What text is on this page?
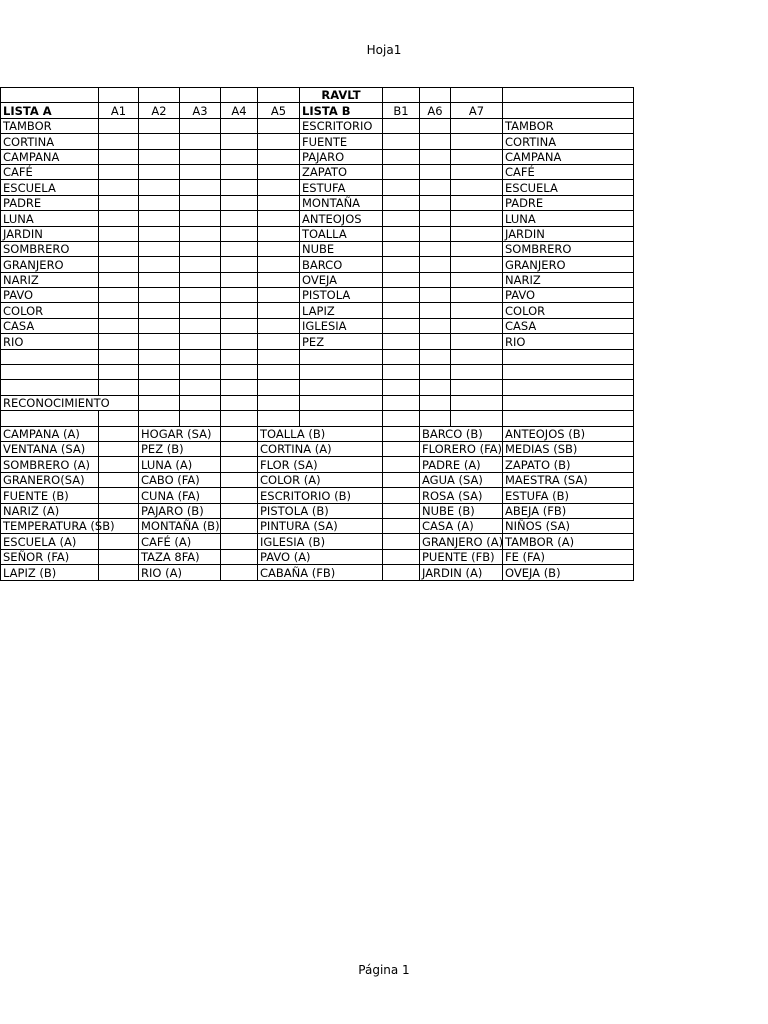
Hoja1
						RAVLT				
LISTA A	A1	A2	A3	A4	A5	LISTA B	B1	A6	A7	
TAMBOR						ESCRITORIO				TAMBOR
CORTINA						FUENTE				CORTINA
CAMPANA						PAJARO				CAMPANA
CAFÉ						ZAPATO				CAFÉ
ESCUELA						ESTUFA				ESCUELA
PADRE						MONTAÑA				PADRE
LUNA						ANTEOJOS				LUNA
JARDIN						TOALLA				JARDIN
SOMBRERO						NUBE				SOMBRERO
GRANJERO						BARCO				GRANJERO
NARIZ						OVEJA				NARIZ
PAVO						PISTOLA				PAVO
COLOR						LAPIZ				COLOR
CASA						IGLESIA				CASA
RIO						PEZ				RIO

RECONOCIMIENTO										

CAMPANA (A)		HOGAR (SA)			TOALLA (B)			BARCO (B)		ANTEOJOS (B)
VENTANA (SA)		PEZ (B)			CORTINA (A)			FLORERO (FA)		MEDIAS (SB)
SOMBRERO (A)		LUNA (A)			FLOR (SA)			PADRE (A)		ZAPATO (B)
GRANERO(SA)		CABO (FA)			COLOR (A)			AGUA (SA)		MAESTRA (SA)
FUENTE (B)		CUNA (FA)			ESCRITORIO (B)			ROSA (SA)		ESTUFA (B)
NARIZ (A)		PAJARO (B)			PISTOLA (B)			NUBE (B)		ABEJA (FB)
TEMPERATURA (SB)		MONTAÑA (B)			PINTURA (SA)			CASA (A)		NIÑOS (SA)
ESCUELA (A)		CAFÉ (A)			IGLESIA (B)			GRANJERO (A)		TAMBOR (A)
SEÑOR (FA)		TAZA 8FA)			PAVO (A)			PUENTE (FB)		FE (FA)
LAPIZ (B)		RIO (A)			CABAÑA (FB)			JARDIN (A)		OVEJA (B)
Página 1
